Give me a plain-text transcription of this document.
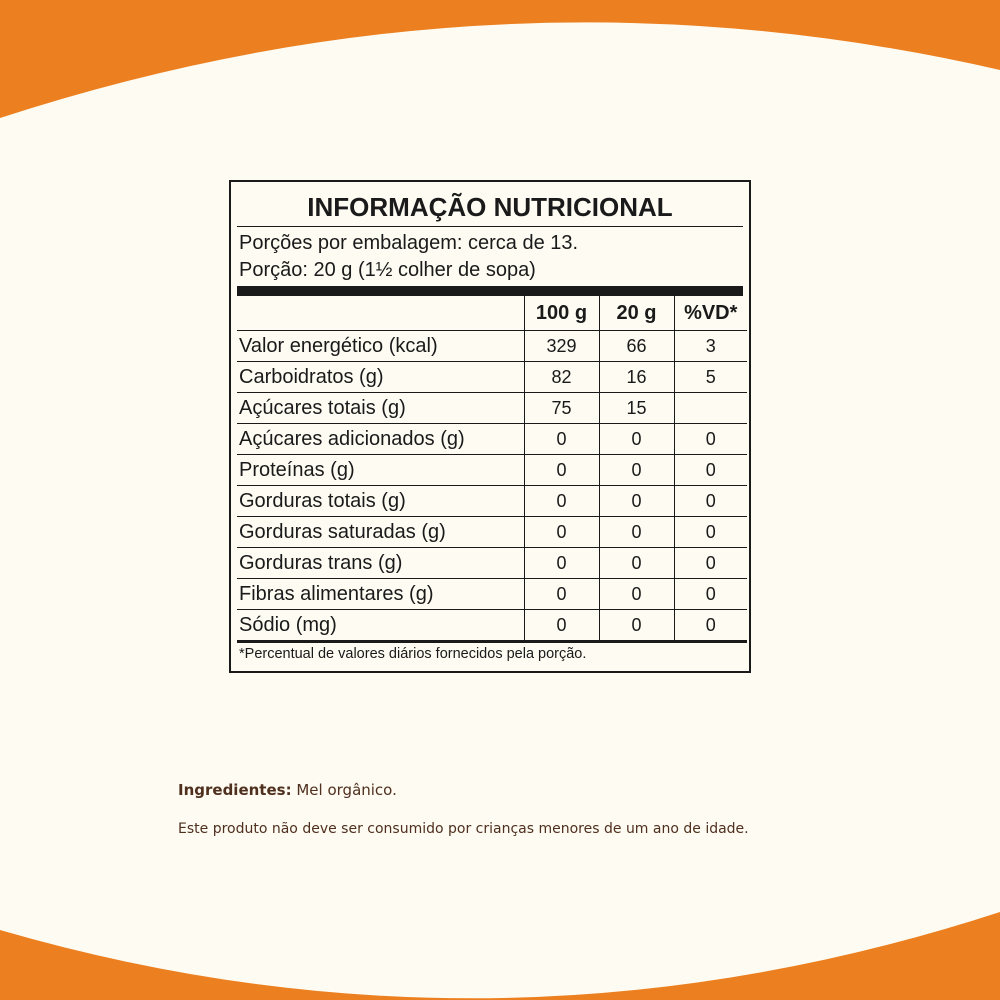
INFORMAÇÃO NUTRICIONAL
Porções por embalagem: cerca de 13.
Porção: 20 g (1½ colher de sopa)
	100 g	20 g	%VD*
Valor energético (kcal)	329	66	3
Carboidratos (g)	82	16	5
Açúcares totais (g)	75	15	
Açúcares adicionados (g)	0	0	0
Proteínas (g)	0	0	0
Gorduras totais (g)	0	0	0
Gorduras saturadas (g)	0	0	0
Gorduras trans (g)	0	0	0
Fibras alimentares (g)	0	0	0
Sódio (mg)	0	0	0
*Percentual de valores diários fornecidos pela porção.
Ingredientes: Mel orgânico.
Este produto não deve ser consumido por crianças menores de um ano de idade.
